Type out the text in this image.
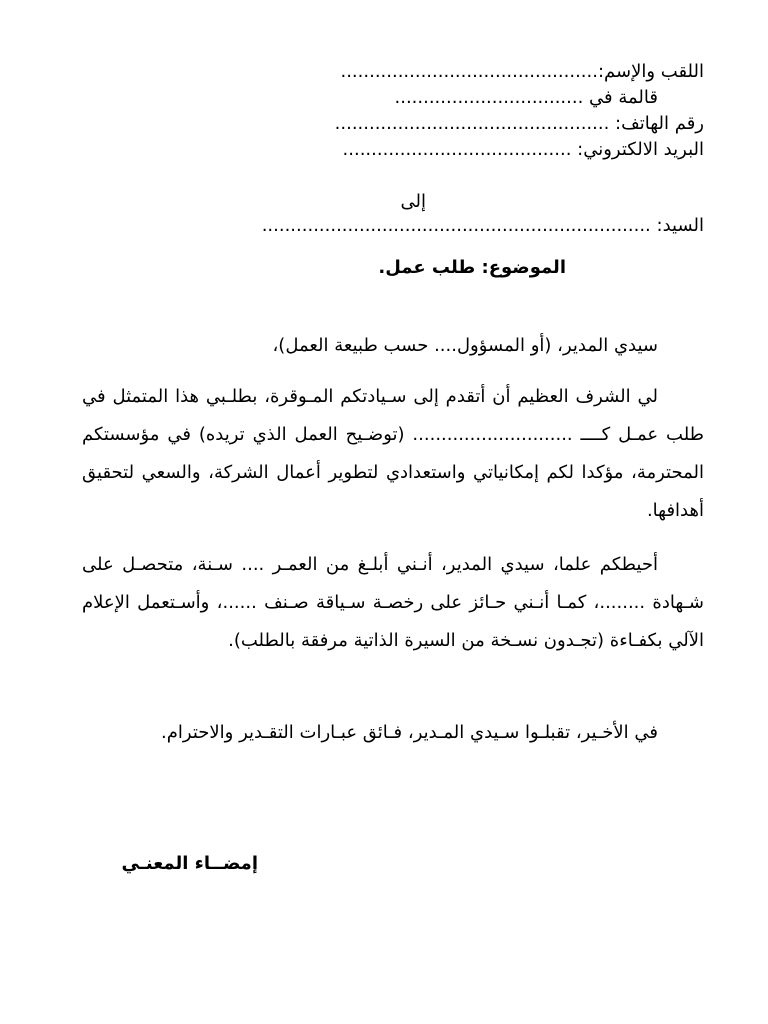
اللقب والإسم:.............................................
قالمة في .................................
رقم الهاتف: ................................................
البريد الالكتروني: ........................................
إلى
السيد: ....................................................................
الموضوع: طلب عمل.
سيدي المدير، (أو المسؤول.... حسب طبيعة العمل)،
لي الشرف العظيم أن أتقدم إلى سـيادتكم المـوقرة، بطلـبي هذا المتمثل في طلب عمـل كــــ ............................ (توضـيح العمل الذي تريده) في مؤسستكم المحترمة، مؤكدا لكم إمكانياتي واستعدادي لتطوير أعمال الشركة، والسعي لتحقيق أهدافها.
أحيطكم علما، سيدي المدير، أنـني أبلـغ من العمـر .... سـنة، متحصـل على شـهادة ........، كمـا أنـني حـائز على رخصـة سـياقة صـنف ......، وأسـتعمل الإعلام الآلي بكفـاءة (تجـدون نسـخة من السيرة الذاتية مرفقة بالطلب).
في الأخـير، تقبلـوا سـيدي المـدير، فـائق عبـارات التقـدير والاحترام.
إمضــاء المعنـي
